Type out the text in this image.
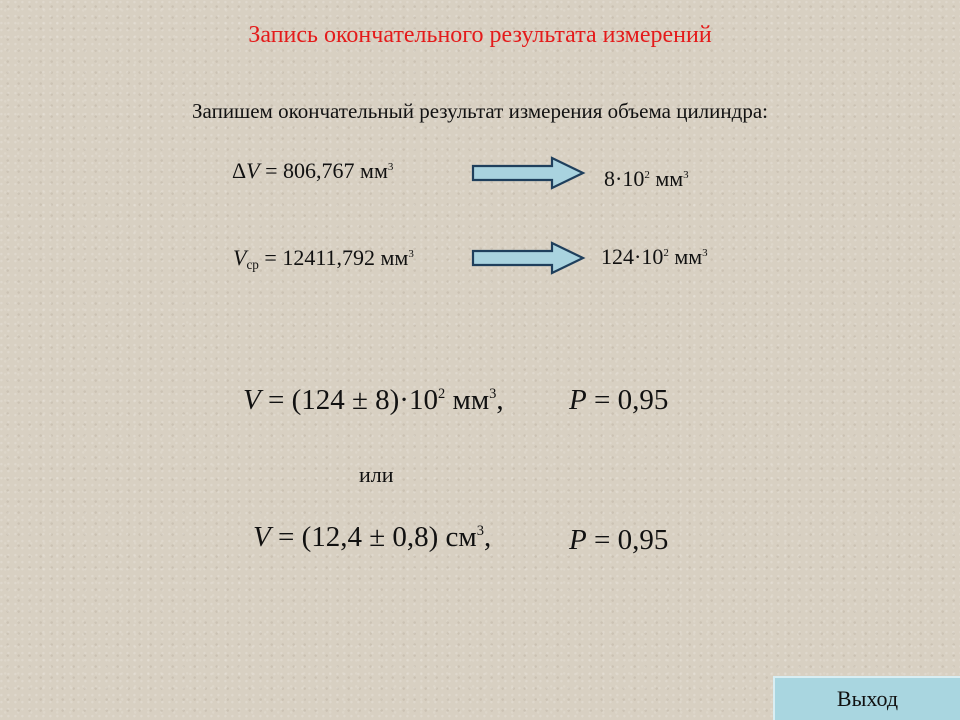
Запись окончательного результата измерений
Запишем окончательный результат измерения объема цилиндра:
ΔV = 806,767 $мм^3$	$8\cdot 10^2$ $мм^3$
$V_{ср} = 12411,792$ $мм^3$	$124\cdot 10^2$ $мм^3$
$V = (124 \pm 8)\cdot 10^2$ $мм^3$, P = 0,95
или
V = (12,4 ± 0,8) $см^3$,	P = 0,95
Выход
